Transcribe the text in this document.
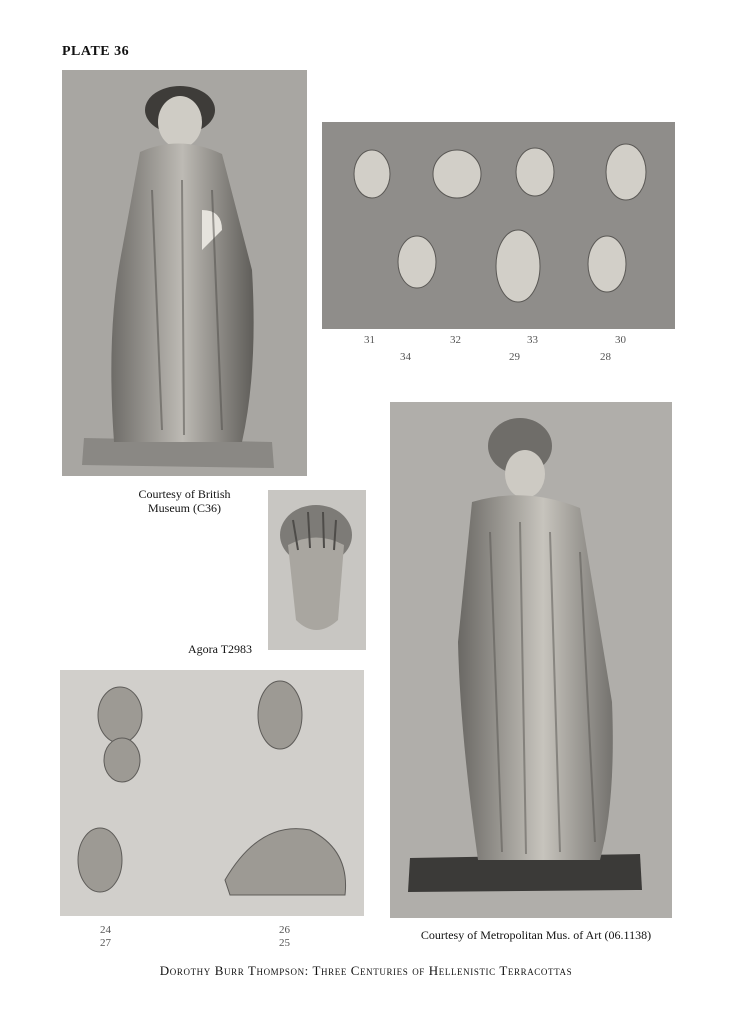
PLATE 36
Courtesy of British
Museum (C36)
31	32	33	30
34	29	28
Agora T2983
Courtesy of Metropolitan Mus. of Art (06.1138)
24
27
26
25
Dorothy Burr Thompson: Three Centuries of Hellenistic Terracottas
